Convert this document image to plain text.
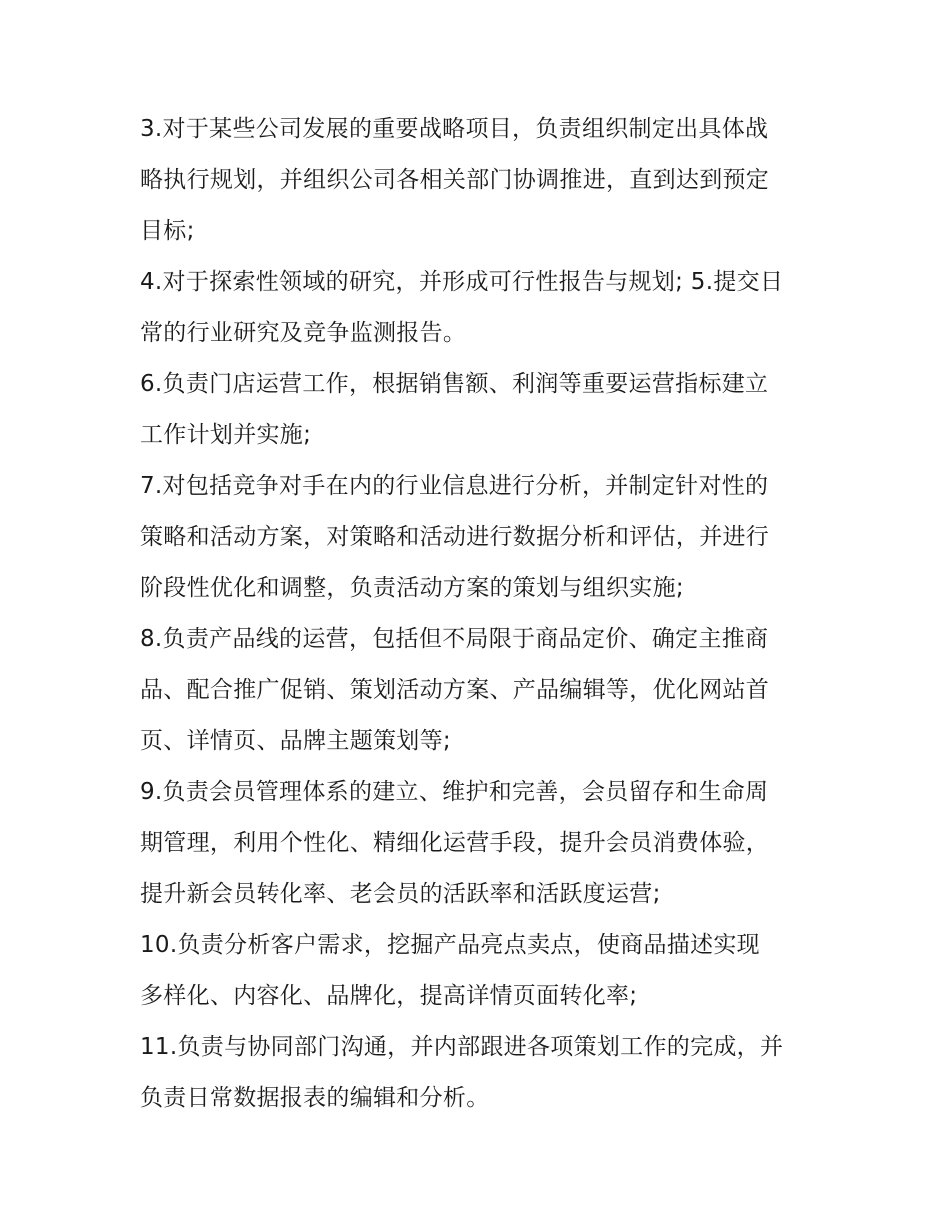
3.对于某些公司发展的重要战略项目，负责组织制定出具体战
略执行规划，并组织公司各相关部门协调推进，直到达到预定
目标;

4.对于探索性领域的研究，并形成可行性报告与规划; 5.提交日
常的行业研究及竞争监测报告。

6.负责门店运营工作，根据销售额、利润等重要运营指标建立
工作计划并实施;

7.对包括竞争对手在内的行业信息进行分析，并制定针对性的
策略和活动方案，对策略和活动进行数据分析和评估，并进行
阶段性优化和调整，负责活动方案的策划与组织实施;

8.负责产品线的运营，包括但不局限于商品定价、确定主推商
品、配合推广促销、策划活动方案、产品编辑等，优化网站首
页、详情页、品牌主题策划等;

9.负责会员管理体系的建立、维护和完善，会员留存和生命周
期管理，利用个性化、精细化运营手段，提升会员消费体验，
提升新会员转化率、老会员的活跃率和活跃度运营;

10.负责分析客户需求，挖掘产品亮点卖点，使商品描述实现
多样化、内容化、品牌化，提高详情页面转化率;

11.负责与协同部门沟通，并内部跟进各项策划工作的完成，并
负责日常数据报表的编辑和分析。
